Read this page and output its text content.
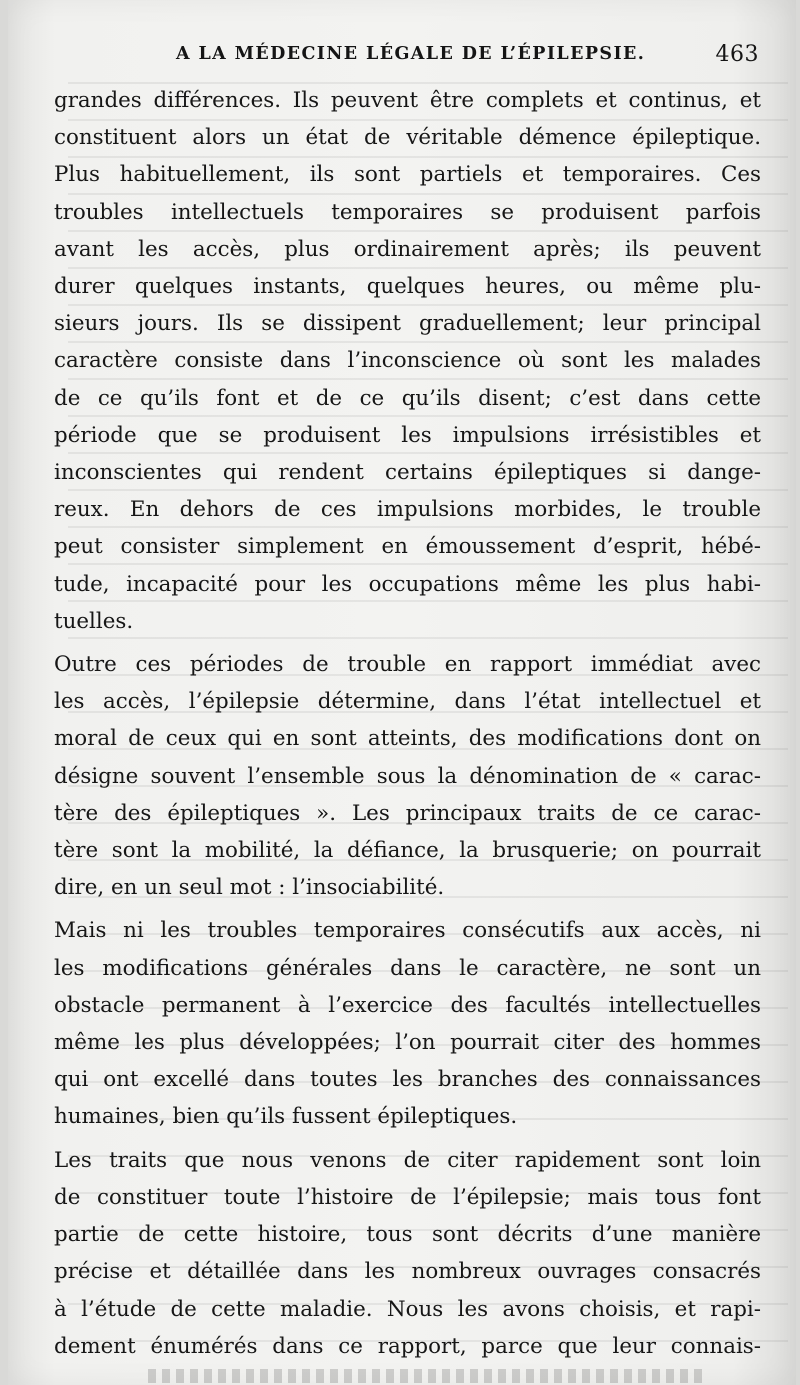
A LA MÉDECINE LÉGALE DE L’ÉPILEPSIE.	463
grandes différences. Ils peuvent être complets et continus, et
constituent alors un état de véritable démence épileptique.
Plus habituellement, ils sont partiels et temporaires. Ces
troubles intellectuels temporaires se produisent parfois
avant les accès, plus ordinairement après; ils peuvent
durer quelques instants, quelques heures, ou même plu-
sieurs jours. Ils se dissipent graduellement; leur principal
caractère consiste dans l’inconscience où sont les malades
de ce qu’ils font et de ce qu’ils disent; c’est dans cette
période que se produisent les impulsions irrésistibles et
inconscientes qui rendent certains épileptiques si dange-
reux. En dehors de ces impulsions morbides, le trouble
peut consister simplement en émoussement d’esprit, hébé-
tude, incapacité pour les occupations même les plus habi-
tuelles.
Outre ces périodes de trouble en rapport immédiat avec
les accès, l’épilepsie détermine, dans l’état intellectuel et
moral de ceux qui en sont atteints, des modifications dont on
désigne souvent l’ensemble sous la dénomination de « carac-
tère des épileptiques ». Les principaux traits de ce carac-
tère sont la mobilité, la défiance, la brusquerie; on pourrait
dire, en un seul mot : l’insociabilité.
Mais ni les troubles temporaires consécutifs aux accès, ni
les modifications générales dans le caractère, ne sont un
obstacle permanent à l’exercice des facultés intellectuelles
même les plus développées; l’on pourrait citer des hommes
qui ont excellé dans toutes les branches des connaissances
humaines, bien qu’ils fussent épileptiques.
Les traits que nous venons de citer rapidement sont loin
de constituer toute l’histoire de l’épilepsie; mais tous font
partie de cette histoire, tous sont décrits d’une manière
précise et détaillée dans les nombreux ouvrages consacrés
à l’étude de cette maladie. Nous les avons choisis, et rapi-
dement énumérés dans ce rapport, parce que leur connais-
